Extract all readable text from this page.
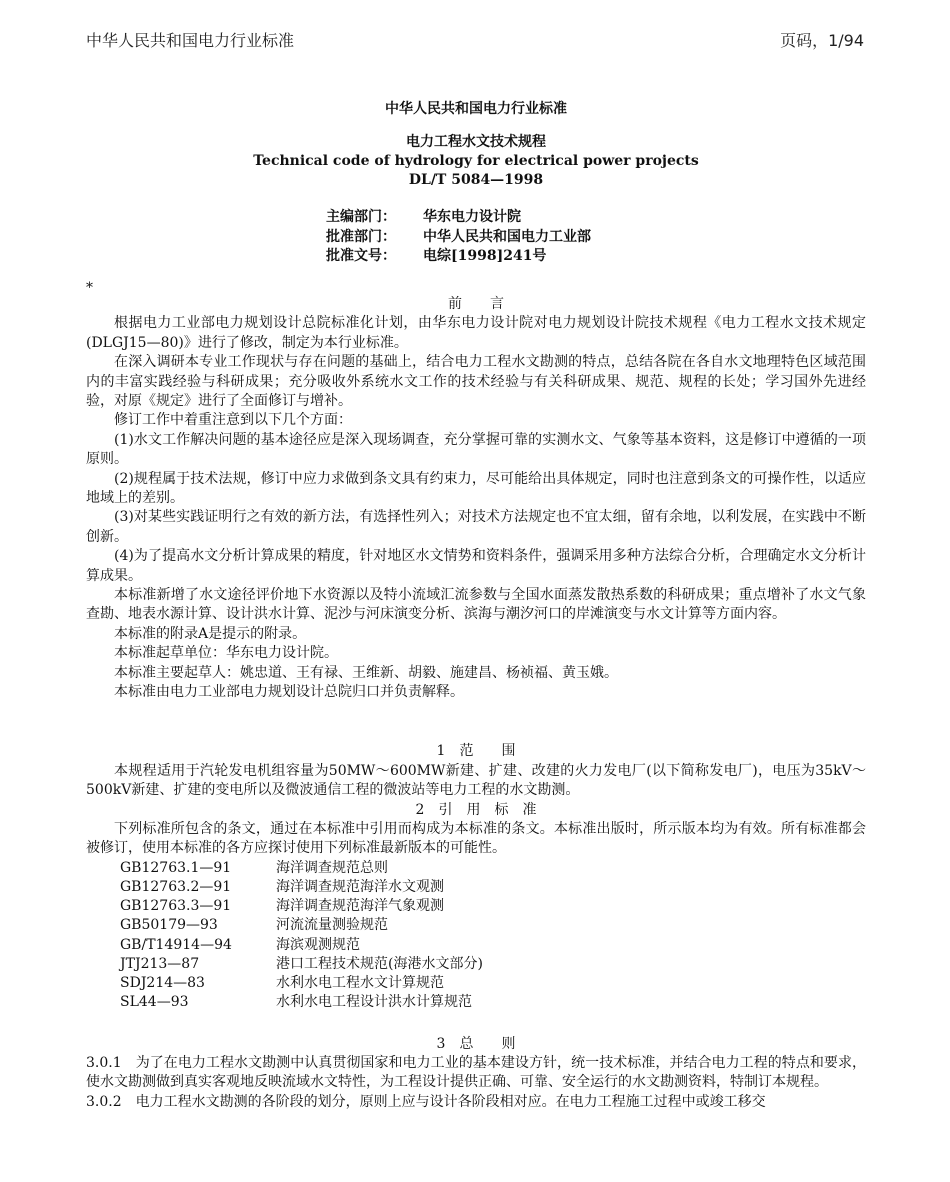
中华人民共和国电力行业标准	页码，1/94
中华人民共和国电力行业标准
电力工程水文技术规程
Technical code of hydrology for electrical power projects
DL/T 5084—1998
主编部门：	华东电力设计院
批准部门：	中华人民共和国电力工业部
批准文号：	电综[1998]241号
*
前　　言

根据电力工业部电力规划设计总院标准化计划，由华东电力设计院对电力规划设计院技术规程《电力工程水文技术规定(DLGJ15—80)》进行了修改，制定为本行业标准。

在深入调研本专业工作现状与存在问题的基础上，结合电力工程水文勘测的特点，总结各院在各自水文地理特色区域范围内的丰富实践经验与科研成果；充分吸收外系统水文工作的技术经验与有关科研成果、规范、规程的长处；学习国外先进经验，对原《规定》进行了全面修订与增补。

修订工作中着重注意到以下几个方面：

(1)水文工作解决问题的基本途径应是深入现场调查，充分掌握可靠的实测水文、气象等基本资料，这是修订中遵循的一项原则。

(2)规程属于技术法规，修订中应力求做到条文具有约束力，尽可能给出具体规定，同时也注意到条文的可操作性，以适应地域上的差别。

(3)对某些实践证明行之有效的新方法，有选择性列入；对技术方法规定也不宜太细，留有余地，以利发展，在实践中不断创新。

(4)为了提高水文分析计算成果的精度，针对地区水文情势和资料条件，强调采用多种方法综合分析，合理确定水文分析计算成果。

本标准新增了水文途径评价地下水资源以及特小流域汇流参数与全国水面蒸发散热系数的科研成果；重点增补了水文气象查勘、地表水源计算、设计洪水计算、泥沙与河床演变分析、滨海与潮汐河口的岸滩演变与水文计算等方面内容。

本标准的附录A是提示的附录。

本标准起草单位：华东电力设计院。

本标准主要起草人：姚忠道、王有禄、王维新、胡毅、施建昌、杨祯福、黄玉娥。

本标准由电力工业部电力规划设计总院归口并负责解释。

1　范　　围

本规程适用于汽轮发电机组容量为50MW～600MW新建、扩建、改建的火力发电厂(以下简称发电厂)，电压为35kV～500kV新建、扩建的变电所以及微波通信工程的微波站等电力工程的水文勘测。

2　引　用　标　准

下列标准所包含的条文，通过在本标准中引用而构成为本标准的条文。本标准出版时，所示版本均为有效。所有标准都会被修订，使用本标准的各方应探讨使用下列标准最新版本的可能性。

GB12763.1—91	海洋调查规范总则
GB12763.2—91	海洋调查规范海洋水文观测
GB12763.3—91	海洋调查规范海洋气象观测
GB50179—93	河流流量测验规范
GB/T14914—94	海滨观测规范
JTJ213—87	港口工程技术规范(海港水文部分)
SDJ214—83	水利水电工程水文计算规范
SL44—93	水利水电工程设计洪水计算规范
3　总　　则

3.0.1　为了在电力工程水文勘测中认真贯彻国家和电力工业的基本建设方针，统一技术标准，并结合电力工程的特点和要求，使水文勘测做到真实客观地反映流域水文特性，为工程设计提供正确、可靠、安全运行的水文勘测资料，特制订本规程。

3.0.2　电力工程水文勘测的各阶段的划分，原则上应与设计各阶段相对应。在电力工程施工过程中或竣工移交
